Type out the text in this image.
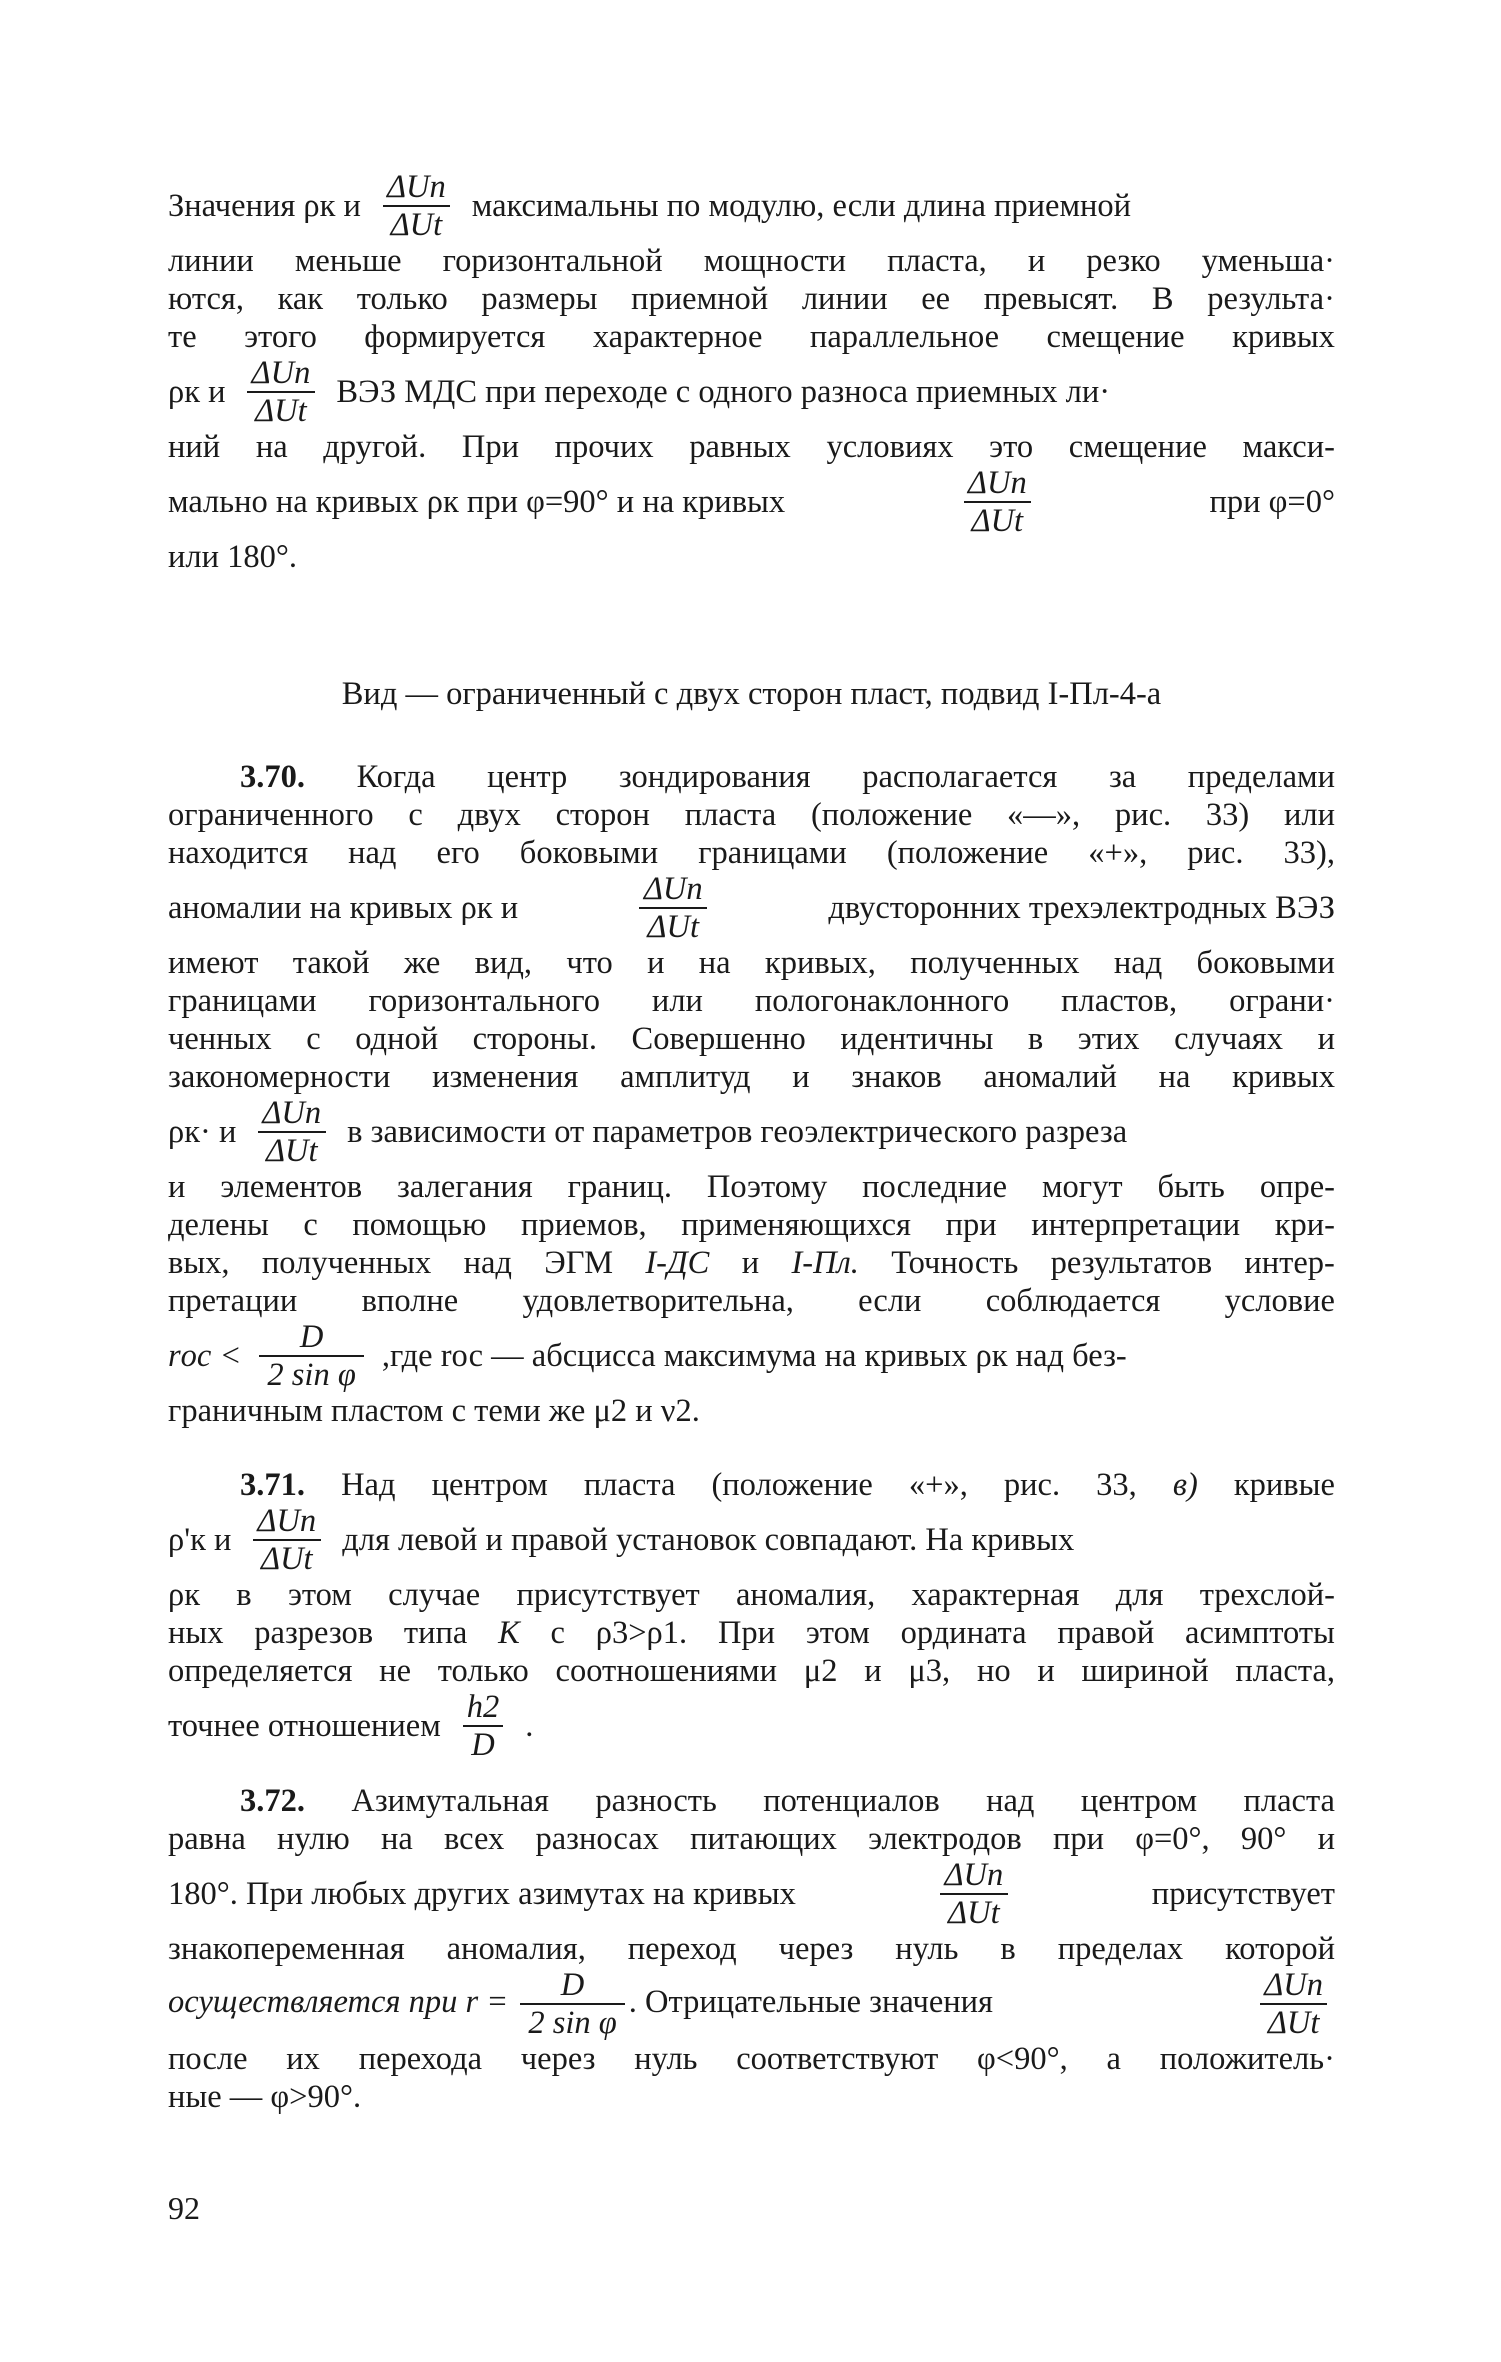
Значения ρк и $\frac{\text{ΔUn}}{\text{ΔUt}}$ максимальны по модулю, если длина приемной
линии меньше горизонтальной мощности пласта, и резко уменьша·
ются, как только размеры приемной линии ее превысят. В результа·
те этого формируется характерное параллельное смещение кривых
ρк и $\frac{\text{ΔUn}}{\text{ΔUt}}$ ВЭЗ МДС при переходе с одного разноса приемных ли·
ний на другой. При прочих равных условиях это смещение макси-
мально на кривых ρк при φ=90° и на кривых	$\frac{\text{ΔUn}}{\text{ΔUt}}$	при φ=0°
или 180°.
Вид — ограниченный с двух сторон пласт, подвид I-Пл-4-а
3.70. Когда центр зондирования располагается за пределами
ограниченного с двух сторон пласта (положение «—», рис. 33) или
находится над его боковыми границами (положение «+», рис. 33),
аномалии на кривых ρк и	$\frac{\text{ΔUn}}{\text{ΔUt}}$	двусторонних трехэлектродных ВЭЗ
имеют такой же вид, что и на кривых, полученных над боковыми
границами горизонтального или пологонаклонного пластов, ограни·
ченных с одной стороны. Совершенно идентичны в этих случаях и
закономерности изменения амплитуд и знаков аномалий на кривых
ρк· и $\frac{\text{ΔUn}}{\text{ΔUt}}$ в зависимости от параметров геоэлектрического разреза
и элементов залегания границ. Поэтому последние могут быть опре-
делены с помощью приемов, применяющихся при интерпретации кри-
вых, полученных над ЭГМ I-ДС и I-Пл. Точность результатов интер-
претации вполне удовлетворительна, если соблюдается условие
rос < $\frac{D}{\text{2 sin φ}} ,где$ rос — абсцисса максимума на кривых ρк над без-
граничным пластом с теми же μ2 и ν2.
3.71. Над центром пласта (положение «+», рис. 33, в) кривые
ρ'к и $\frac{\text{ΔUn}}{\text{ΔUt}}$ для левой и правой установок совпадают. На кривых
ρк в этом случае присутствует аномалия, характерная для трехслой-
ных разрезов типа К с ρ3>ρ1. При этом ордината правой асимптоты
определяется не только соотношениями μ2 и μ3, но и шириной пласта,
точнее отношением $\frac{h2}{D}$ .
3.72. Азимутальная разность потенциалов над центром пласта
равна нулю на всех разносах питающих электродов при φ=0°, 90° и
180°. При любых других азимутах на кривых	$\frac{\text{ΔUn}}{\text{ΔUt}}$	присутствует
знакопеременная аномалия, переход через нуль в пределах которой
осуществляется при $r = \frac{D}{\text{2 sin φ}}$ . Отрицательные значения	$\frac{\text{ΔUn}}{\text{ΔUt}}$
после их перехода через нуль соответствуют φ<90°, а положитель·
ные — φ>90°.
92
